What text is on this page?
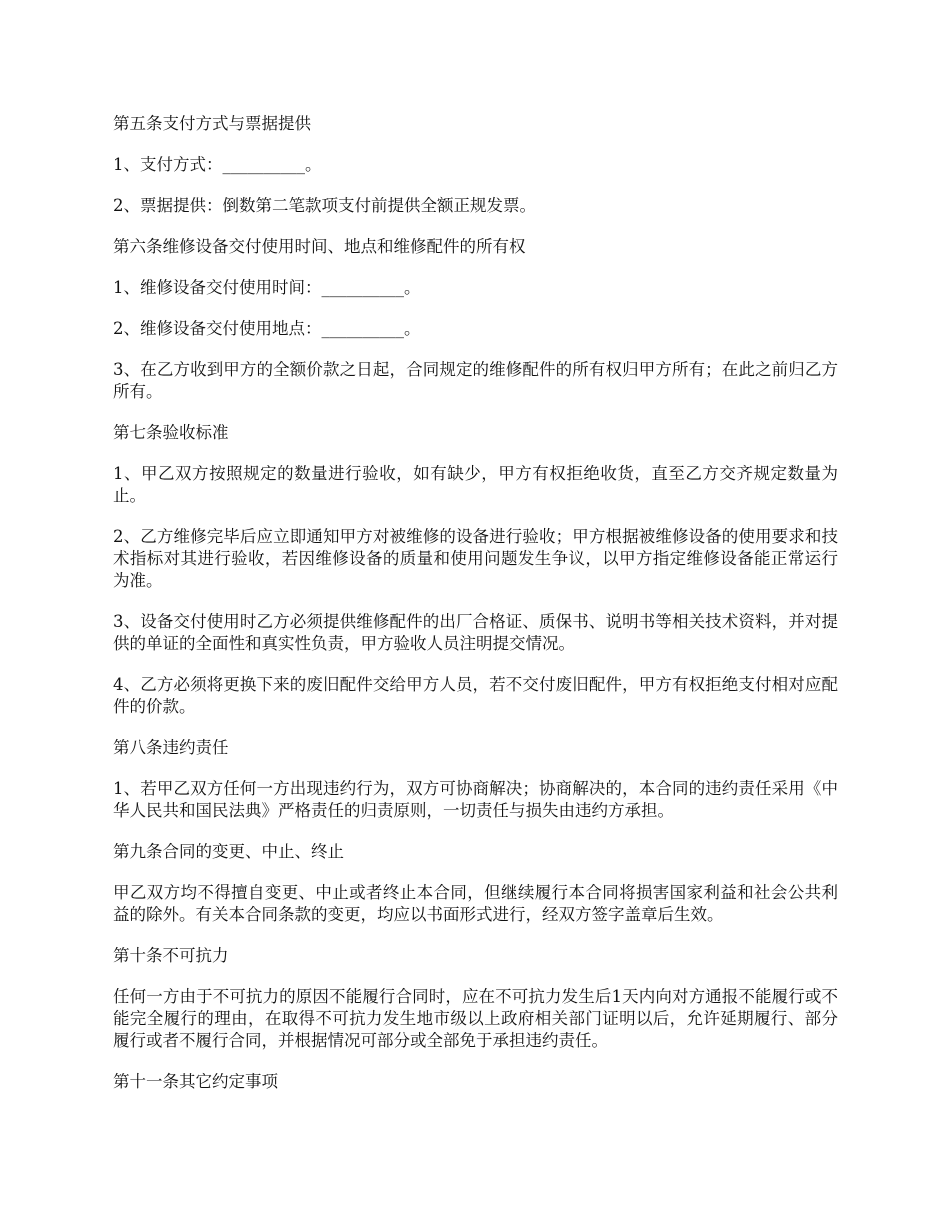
第五条支付方式与票据提供

1、支付方式：__________。

2、票据提供：倒数第二笔款项支付前提供全额正规发票。

第六条维修设备交付使用时间、地点和维修配件的所有权

1、维修设备交付使用时间：__________。

2、维修设备交付使用地点：__________。

3、在乙方收到甲方的全额价款之日起，合同规定的维修配件的所有权归甲方所有；在此之前归乙方所有。

第七条验收标准

1、甲乙双方按照规定的数量进行验收，如有缺少，甲方有权拒绝收货，直至乙方交齐规定数量为止。

2、乙方维修完毕后应立即通知甲方对被维修的设备进行验收；甲方根据被维修设备的使用要求和技术指标对其进行验收，若因维修设备的质量和使用问题发生争议，以甲方指定维修设备能正常运行为准。

3、设备交付使用时乙方必须提供维修配件的出厂合格证、质保书、说明书等相关技术资料，并对提供的单证的全面性和真实性负责，甲方验收人员注明提交情况。

4、乙方必须将更换下来的废旧配件交给甲方人员，若不交付废旧配件，甲方有权拒绝支付相对应配件的价款。

第八条违约责任

1、若甲乙双方任何一方出现违约行为，双方可协商解决；协商解决的，本合同的违约责任采用《中华人民共和国民法典》严格责任的归责原则，一切责任与损失由违约方承担。

第九条合同的变更、中止、终止

甲乙双方均不得擅自变更、中止或者终止本合同，但继续履行本合同将损害国家利益和社会公共利益的除外。有关本合同条款的变更，均应以书面形式进行，经双方签字盖章后生效。

第十条不可抗力

任何一方由于不可抗力的原因不能履行合同时，应在不可抗力发生后1天内向对方通报不能履行或不能完全履行的理由，在取得不可抗力发生地市级以上政府相关部门证明以后，允许延期履行、部分履行或者不履行合同，并根据情况可部分或全部免于承担违约责任。

第十一条其它约定事项
